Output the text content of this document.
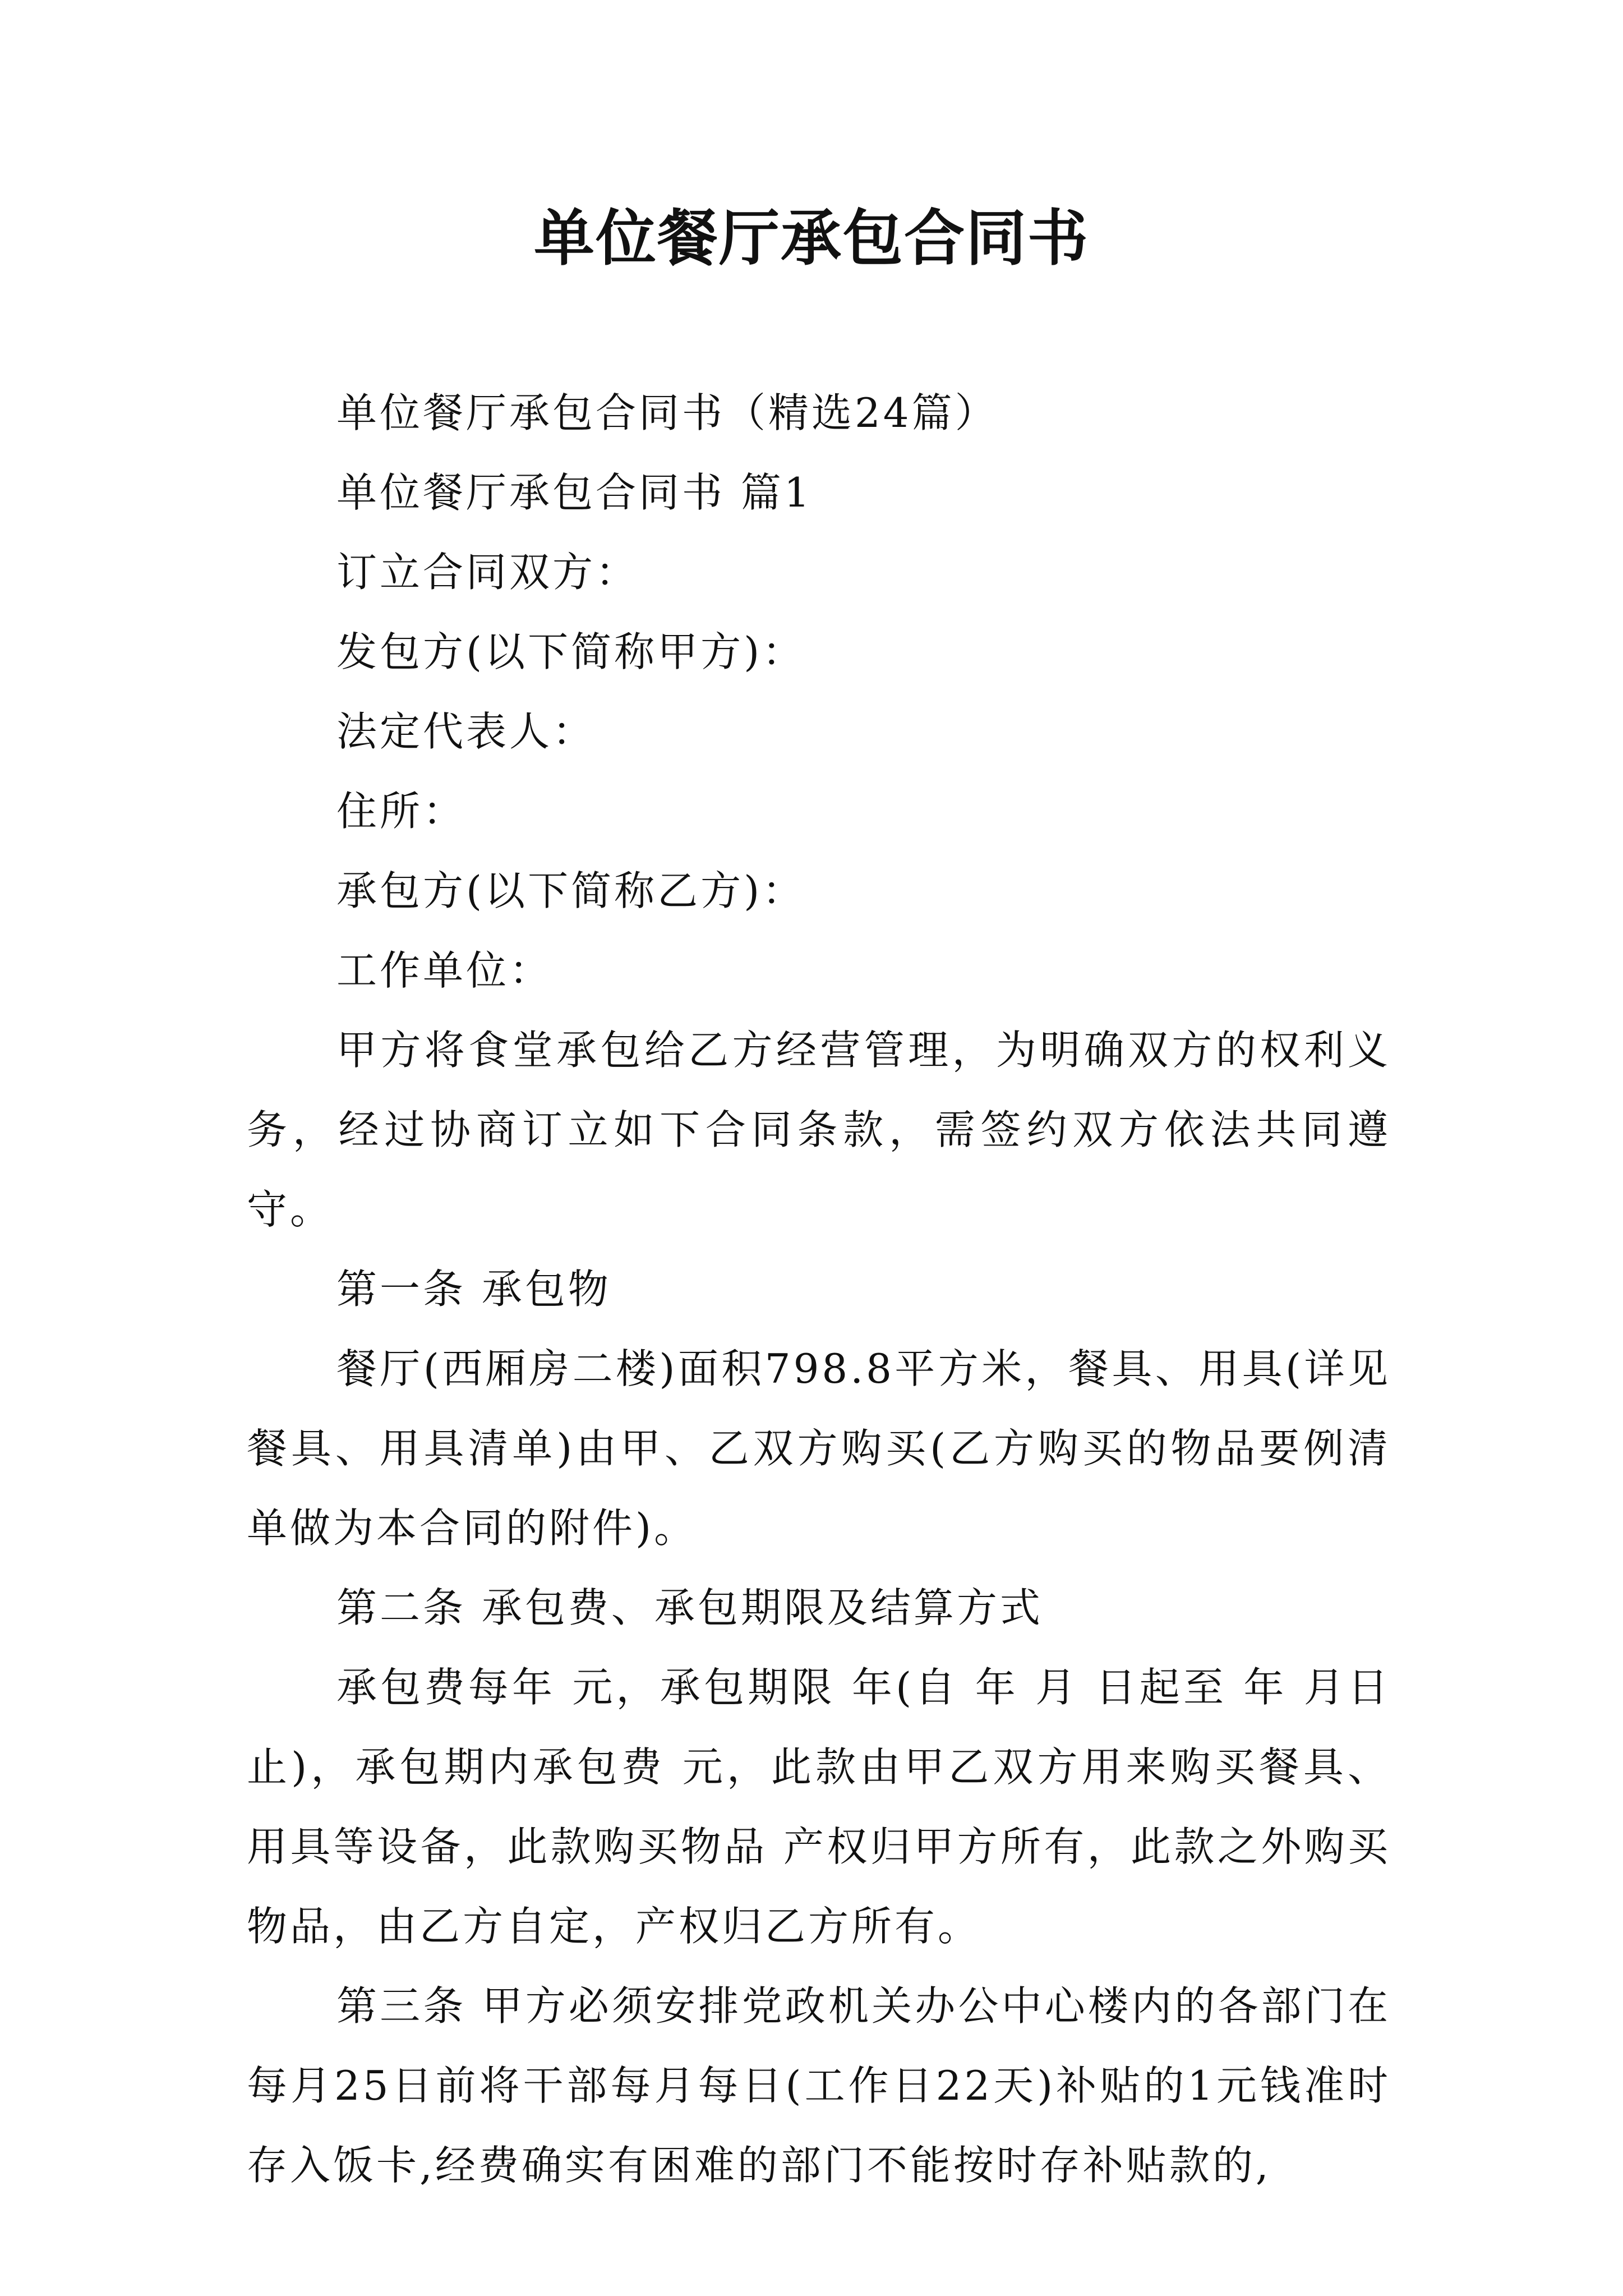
单位餐厅承包合同书

单位餐厅承包合同书（精选24篇）

单位餐厅承包合同书 篇1

订立合同双方：

发包方(以下简称甲方)：

法定代表人：

住所：

承包方(以下简称乙方)：

工作单位：

甲方将食堂承包给乙方经营管理，为明确双方的权利义务，经过协商订立如下合同条款，需签约双方依法共同遵守。

第一条 承包物

餐厅(西厢房二楼)面积798.8平方米，餐具、用具(详见餐具、用具清单)由甲、乙双方购买(乙方购买的物品要例清单做为本合同的附件)。

第二条 承包费、承包期限及结算方式

承包费每年 元，承包期限 年(自 年 月 日起至 年 月日止)，承包期内承包费 元，此款由甲乙双方用来购买餐具、用具等设备，此款购买物品 产权归甲方所有，此款之外购买物品，由乙方自定，产权归乙方所有。

第三条 甲方必须安排党政机关办公中心楼内的各部门在每月25日前将干部每月每日(工作日22天)补贴的1元钱准时存入饭卡,经费确实有困难的部门不能按时存补贴款的,
